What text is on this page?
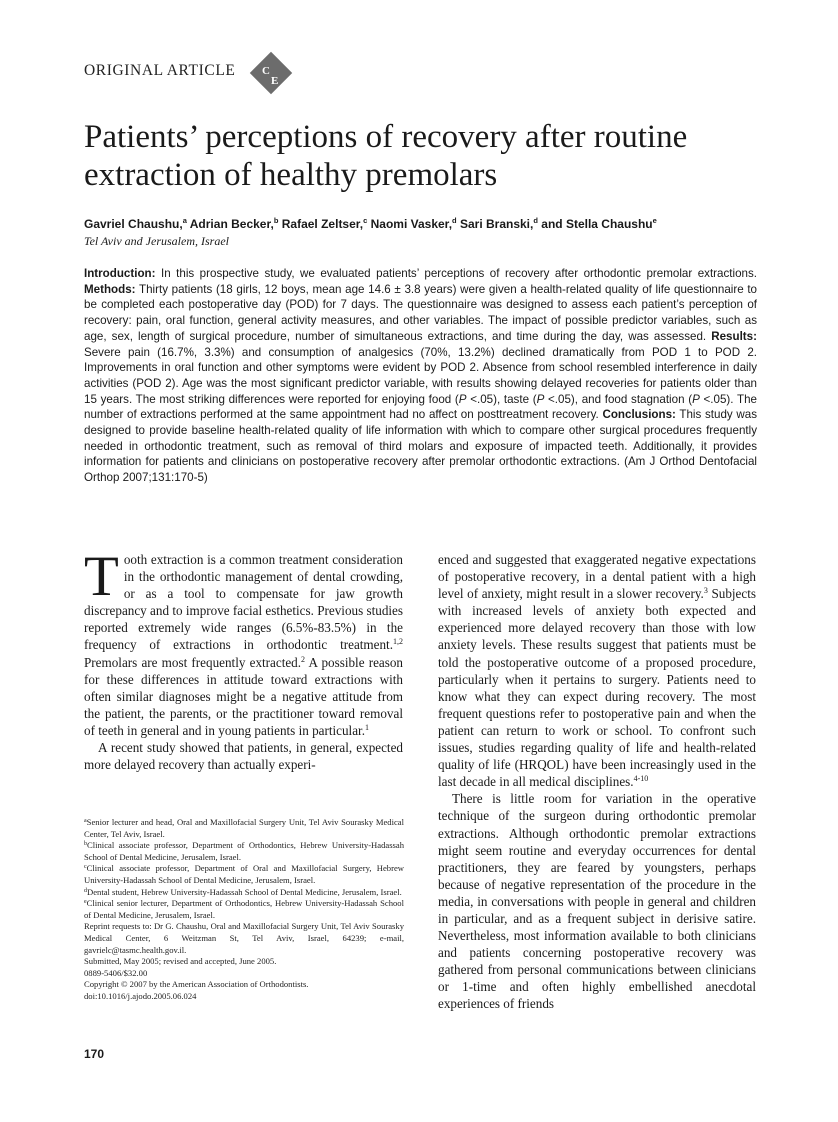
ORIGINAL ARTICLE C
E
Patients’ perceptions of recovery after routine extraction of healthy premolars
Gavriel Chaushu,$^a$ Adrian Becker,$^b$ Rafael Zeltser,$^c$ Naomi Vasker,$^d$ Sari Branski,$^d$ and Stella Chaushu$^e$
Tel Aviv and Jerusalem, Israel

Introduction: In this prospective study, we evaluated patients’ perceptions of recovery after orthodontic premolar extractions. Methods: Thirty patients (18 girls, 12 boys, mean age 14.6 ± 3.8 years) were given a health-related quality of life questionnaire to be completed each postoperative day (POD) for 7 days. The questionnaire was designed to assess each patient’s perception of recovery: pain, oral function, general activity measures, and other variables. The impact of possible predictor variables, such as age, sex, length of surgical procedure, number of simultaneous extractions, and time during the day, was assessed. Results: Severe pain (16.7%, 3.3%) and consumption of analgesics (70%, 13.2%) declined dramatically from POD 1 to POD 2. Improvements in oral function and other symptoms were evident by POD 2. Absence from school resembled interference in daily activities (POD 2). Age was the most significant predictor variable, with results showing delayed recoveries for patients older than 15 years. The most striking differences were reported for enjoying food (P <.05), taste (P <.05), and food stagnation (P <.05). The number of extractions performed at the same appointment had no affect on posttreatment recovery. Conclusions: This study was designed to provide baseline health-related quality of life information with which to compare other surgical procedures frequently needed in orthodontic treatment, such as removal of third molars and exposure of impacted teeth. Additionally, it provides information for patients and clinicians on postoperative recovery after premolar orthodontic extractions. (Am J Orthod Dentofacial Orthop 2007;131:170-5)

Tooth extraction is a common treatment consideration in the orthodontic management of dental crowding, or as a tool to compensate for jaw growth discrepancy and to improve facial esthetics. Previous studies reported extremely wide ranges (6.5%-83.5%) in the frequency of extractions in orthodontic treatment.$^{1,2}$ Premolars are most frequently extracted.$^2$ A possible reason for these differences in attitude toward extractions with often similar diagnoses might be a negative attitude from the patient, the parents, or the practitioner toward removal of teeth in general and in young patients in particular.$^1$

A recent study showed that patients, in general, expected more delayed recovery than actually experi-

enced and suggested that exaggerated negative expectations of postoperative recovery, in a dental patient with a high level of anxiety, might result in a slower recovery.$^3$ Subjects with increased levels of anxiety both expected and experienced more delayed recovery than those with low anxiety levels. These results suggest that patients must be told the postoperative outcome of a proposed procedure, particularly when it pertains to surgery. Patients need to know what they can expect during recovery. The most frequent questions refer to postoperative pain and when the patient can return to work or school. To confront such issues, studies regarding quality of life and health-related quality of life (HRQOL) have been increasingly used in the last decade in all medical disciplines.$^{4-10}$

There is little room for variation in the operative technique of the surgeon during orthodontic premolar extractions. Although orthodontic premolar extractions might seem routine and everyday occurrences for dental practitioners, they are feared by youngsters, perhaps because of negative representation of the procedure in the media, in conversations with people in general and children in particular, and as a frequent subject in derisive satire. Nevertheless, most information available to both clinicians and patients concerning postoperative recovery was gathered from personal communications between clinicians or 1-time and often highly embellished anecdotal experiences of friends

$^a$Senior lecturer and head, Oral and Maxillofacial Surgery Unit, Tel Aviv Sourasky Medical Center, Tel Aviv, Israel.
$^b$Clinical associate professor, Department of Orthodontics, Hebrew University-Hadassah School of Dental Medicine, Jerusalem, Israel.
$^c$Clinical associate professor, Department of Oral and Maxillofacial Surgery, Hebrew University-Hadassah School of Dental Medicine, Jerusalem, Israel.
$^d$Dental student, Hebrew University-Hadassah School of Dental Medicine, Jerusalem, Israel.
$^e$Clinical senior lecturer, Department of Orthodontics, Hebrew University-Hadassah School of Dental Medicine, Jerusalem, Israel.
Reprint requests to: Dr G. Chaushu, Oral and Maxillofacial Surgery Unit, Tel Aviv Sourasky Medical Center, 6 Weitzman St, Tel Aviv, Israel, 64239; e-mail, gavrielc@tasmc.health.gov.il.
Submitted, May 2005; revised and accepted, June 2005.
0889-5406/$32.00
Copyright © 2007 by the American Association of Orthodontists.
doi:10.1016/j.ajodo.2005.06.024
170
